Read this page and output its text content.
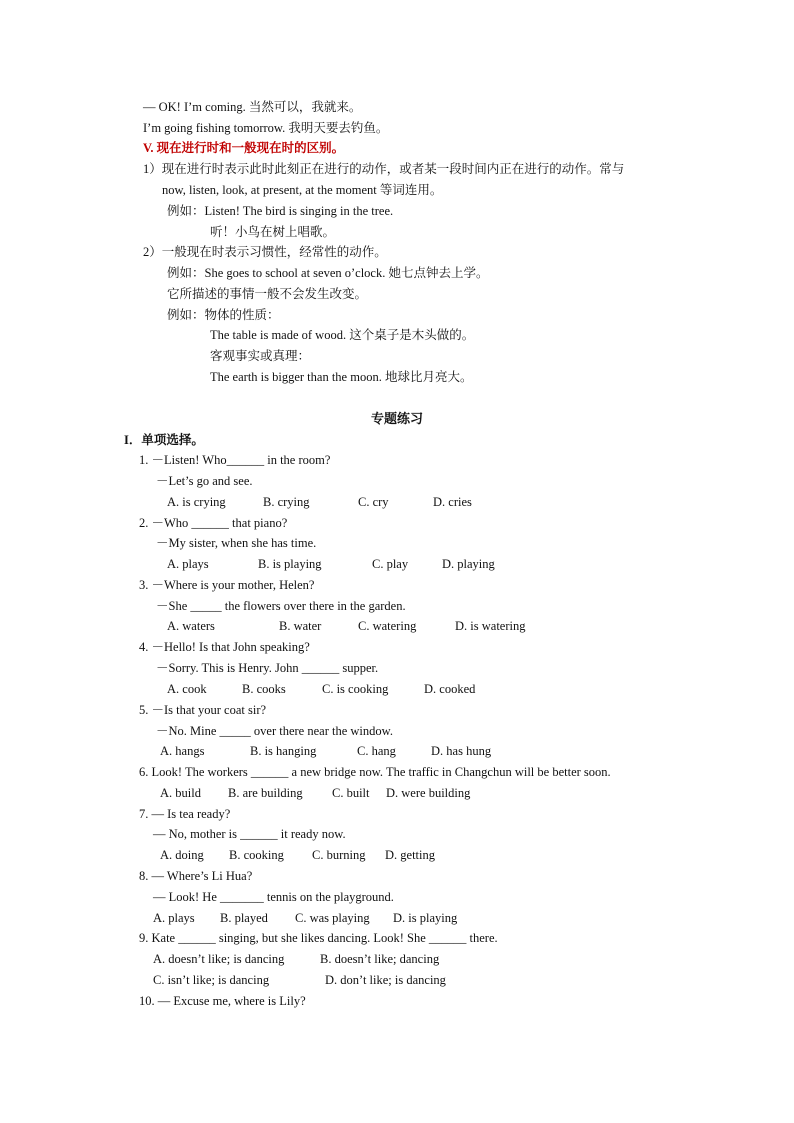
— OK! I’m coming. 当然可以，我就来。
I’m going fishing tomorrow. 我明天要去钓鱼。
V. 现在进行时和一般现在时的区别。
1）现在进行时表示此时此刻正在进行的动作，或者某一段时间内正在进行的动作。常与
now, listen, look, at present, at the moment 等词连用。
例如：Listen! The bird is singing in the tree.
听！小鸟在树上唱歌。
2）一般现在时表示习惯性，经常性的动作。
例如：She goes to school at seven o’clock. 她七点钟去上学。
它所描述的事情一般不会发生改变。
例如：物体的性质：
The table is made of wood. 这个桌子是木头做的。
客观事实或真理：
The earth is bigger than the moon. 地球比月亮大。
专题练习
I．单项选择。
1. －Listen! Who______ in the room?
－Let’s go and see.
A. is crying	B. crying	C. cry	D. cries
2. －Who ______ that piano?
－My sister, when she has time.
A. plays	B. is playing	C. play	D. playing
3. －Where is your mother, Helen?
－She _____ the flowers over there in the garden.
A. waters	B. water	C. watering	D. is watering
4. －Hello! Is that John speaking?
－Sorry. This is Henry. John ______ supper.
A. cook	B. cooks	C. is cooking	D. cooked
5. －Is that your coat sir?
－No. Mine _____ over there near the window.
A. hangs	B. is hanging	C. hang	D. has hung
6. Look! The workers ______ a new bridge now. The traffic in Changchun will be better soon.
A. build B. are building C. built D. were building
7. — Is tea ready?
— No, mother is ______ it ready now.
A. doing B. cooking C. burning D. getting
8. — Where’s Li Hua?
— Look! He _______ tennis on the playground.
A. plays B. played C. was playing D. is playing
9. Kate ______ singing, but she likes dancing. Look! She ______ there.
A. doesn’t like; is dancing	B. doesn’t like; dancing
C. isn’t like; is dancing	D. don’t like; is dancing
10. — Excuse me, where is Lily?
